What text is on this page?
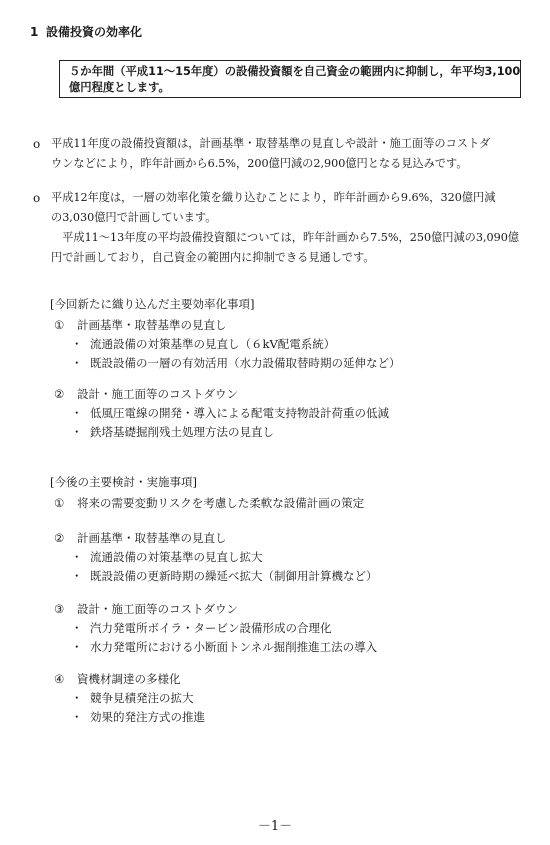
1 設備投資の効率化
５か年間（平成11～15年度）の設備投資額を自己資金の範囲内に抑制し，年平均3,100
億円程度とします。
o 平成11年度の設備投資額は，計画基準・取替基準の見直しや設計・施工面等のコストダ
ウンなどにより，昨年計画から6.5%，200億円減の2,900億円となる見込みです。
o 平成12年度は，一層の効率化策を織り込むことにより，昨年計画から9.6%，320億円減
の3,030億円で計画しています。
　平成11～13年度の平均設備投資額については，昨年計画から7.5%，250億円減の3,090億
円で計画しており，自己資金の範囲内に抑制できる見通しです。
[今回新たに織り込んだ主要効率化事項]
① 計画基準・取替基準の見直し
・ 流通設備の対策基準の見直し（６kV配電系統）
・ 既設設備の一層の有効活用（水力設備取替時期の延伸など）
② 設計・施工面等のコストダウン
・ 低風圧電線の開発・導入による配電支持物設計荷重の低減
・ 鉄塔基礎掘削残土処理方法の見直し
[今後の主要検討・実施事項]
① 将来の需要変動リスクを考慮した柔軟な設備計画の策定
② 計画基準・取替基準の見直し
・ 流通設備の対策基準の見直し拡大
・ 既設設備の更新時期の繰延べ拡大（制御用計算機など）
③ 設計・施工面等のコストダウン
・ 汽力発電所ボイラ・タービン設備形成の合理化
・ 水力発電所における小断面トンネル掘削推進工法の導入
④ 資機材調達の多様化
・ 競争見積発注の拡大
・ 効果的発注方式の推進
－1－
